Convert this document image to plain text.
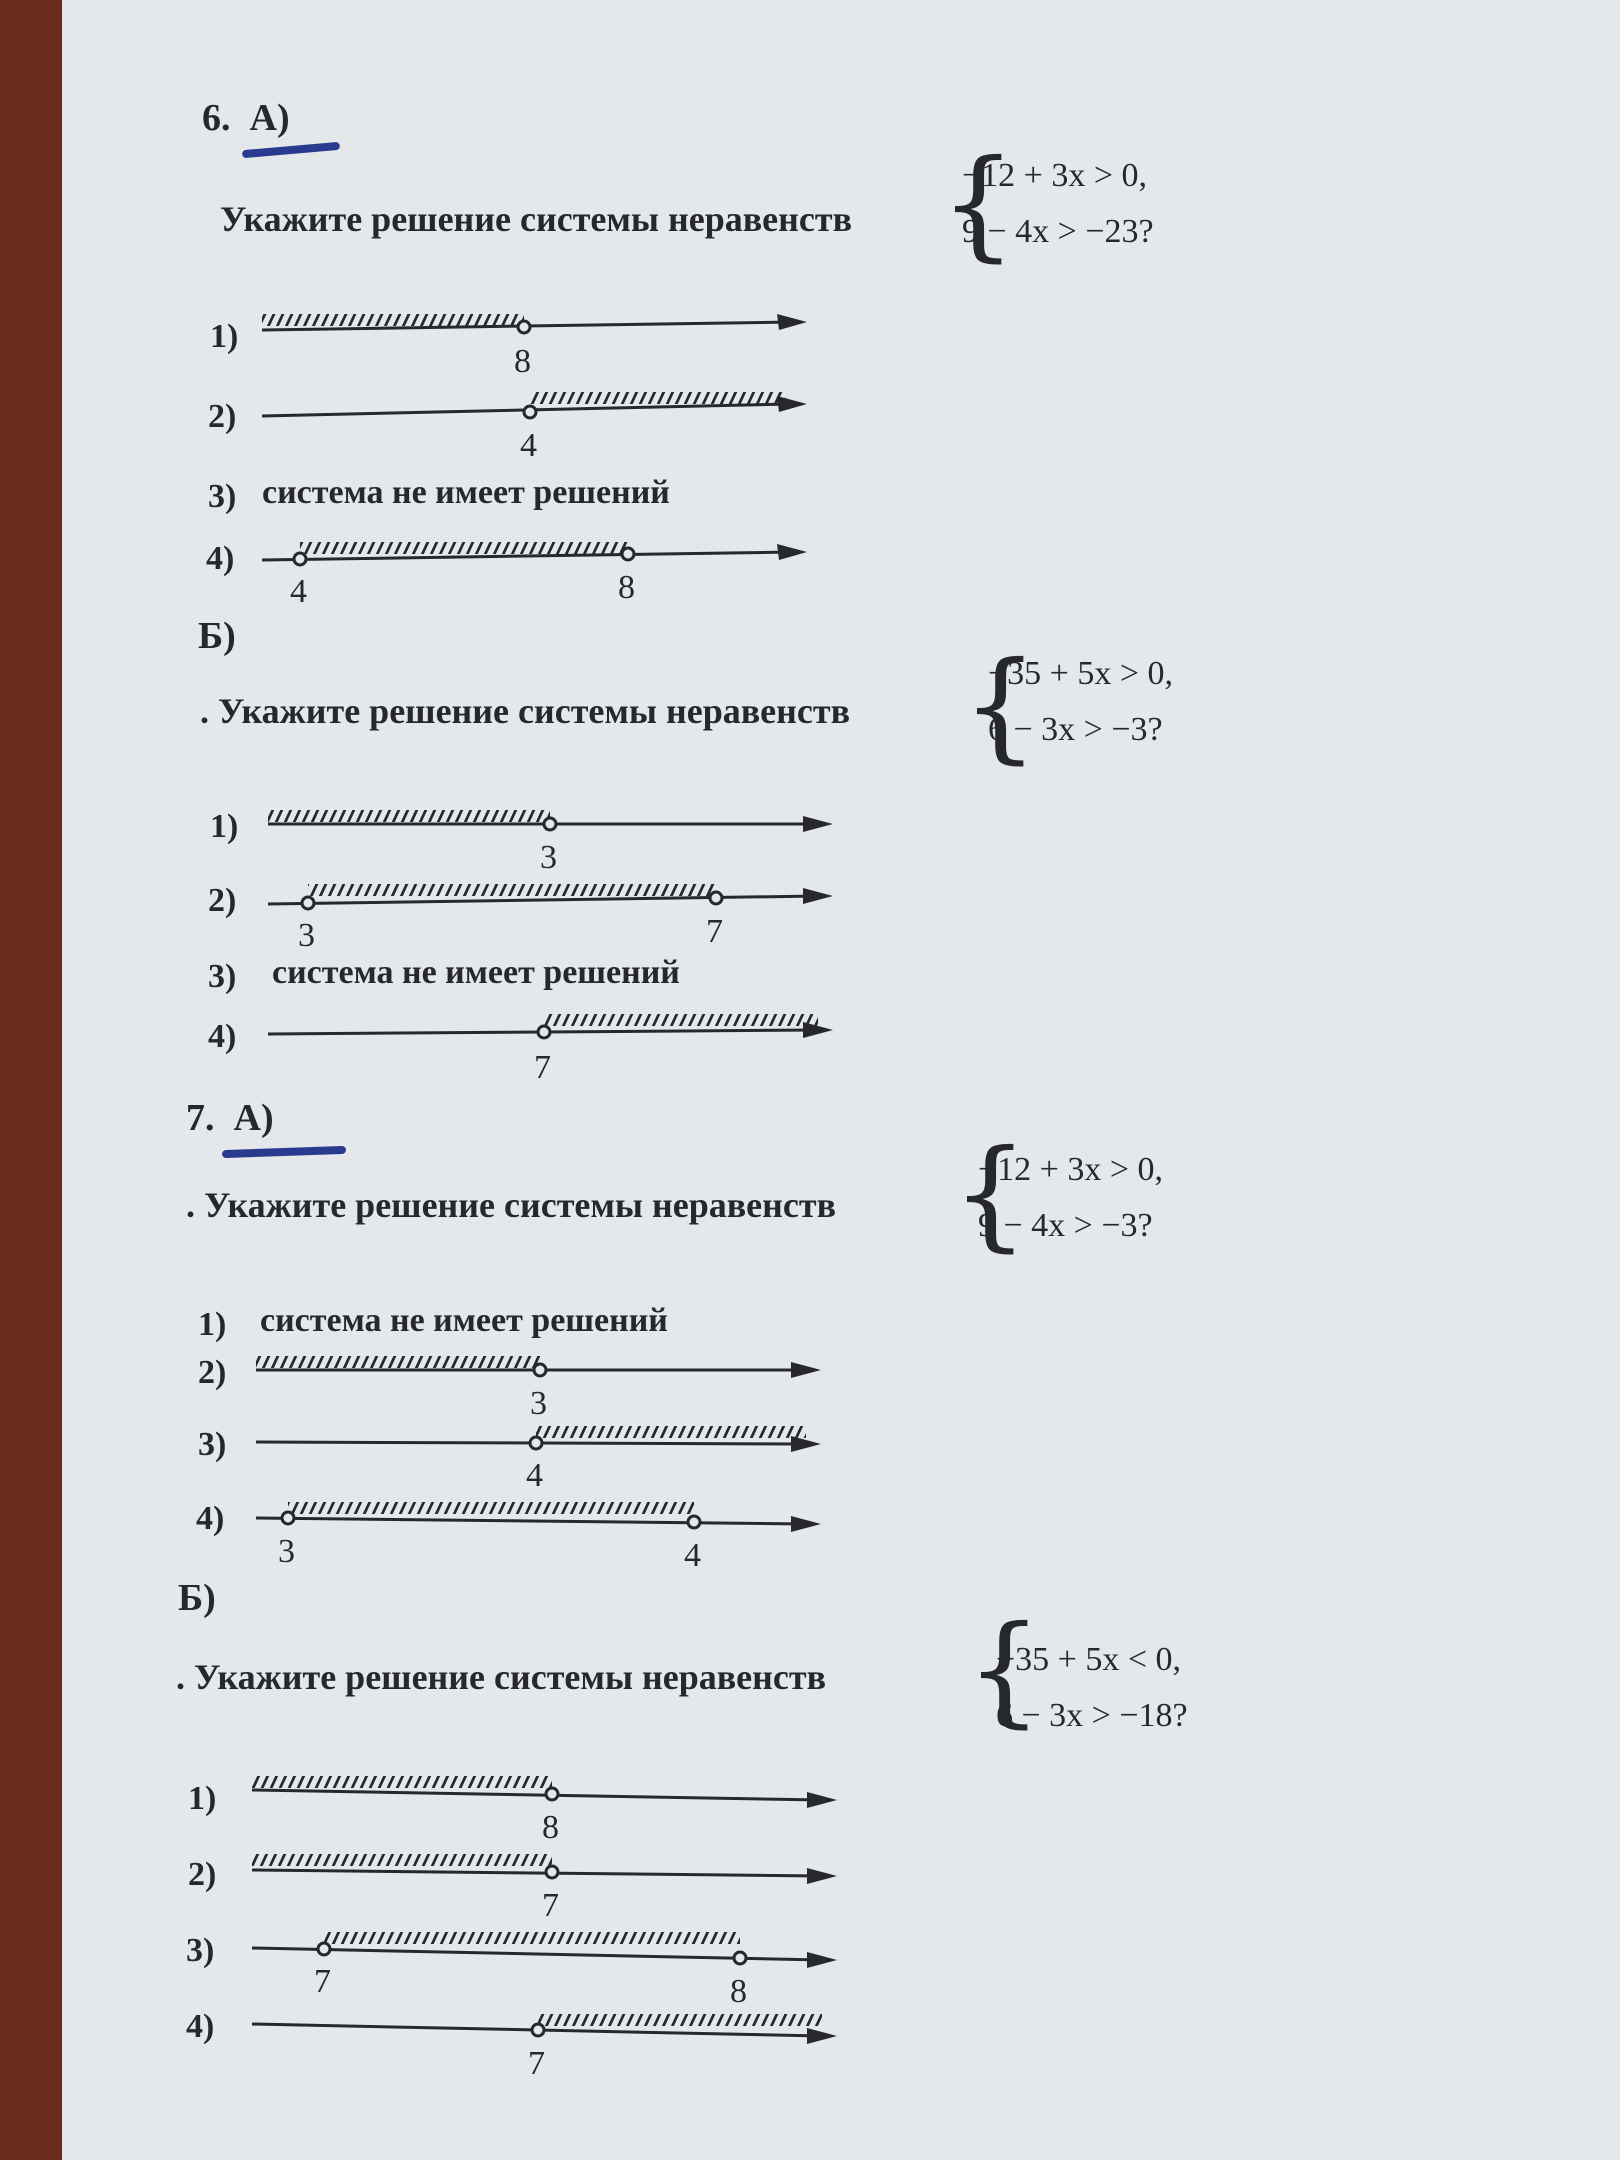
6. А)
Укажите решение системы неравенств {
−12 + 3x > 0,
9 − 4x > −23?
1)
8
2)
4
3) система не имеет решений
4)
4	8
Б)
. Укажите решение системы неравенств {
−35 + 5x > 0,
6 − 3x > −3?
1)
3
2)
3	7
3) система не имеет решений
4)
7
7. А)
. Укажите решение системы неравенств {
−12 + 3x > 0,
9 − 4x > −3?
1) система не имеет решений
2)
3
3)
4
4)
3	4
Б)
. Укажите решение системы неравенств {
−35 + 5x < 0,
6 − 3x > −18?
1)
8
2)
7
3)
7	8
4)
7
